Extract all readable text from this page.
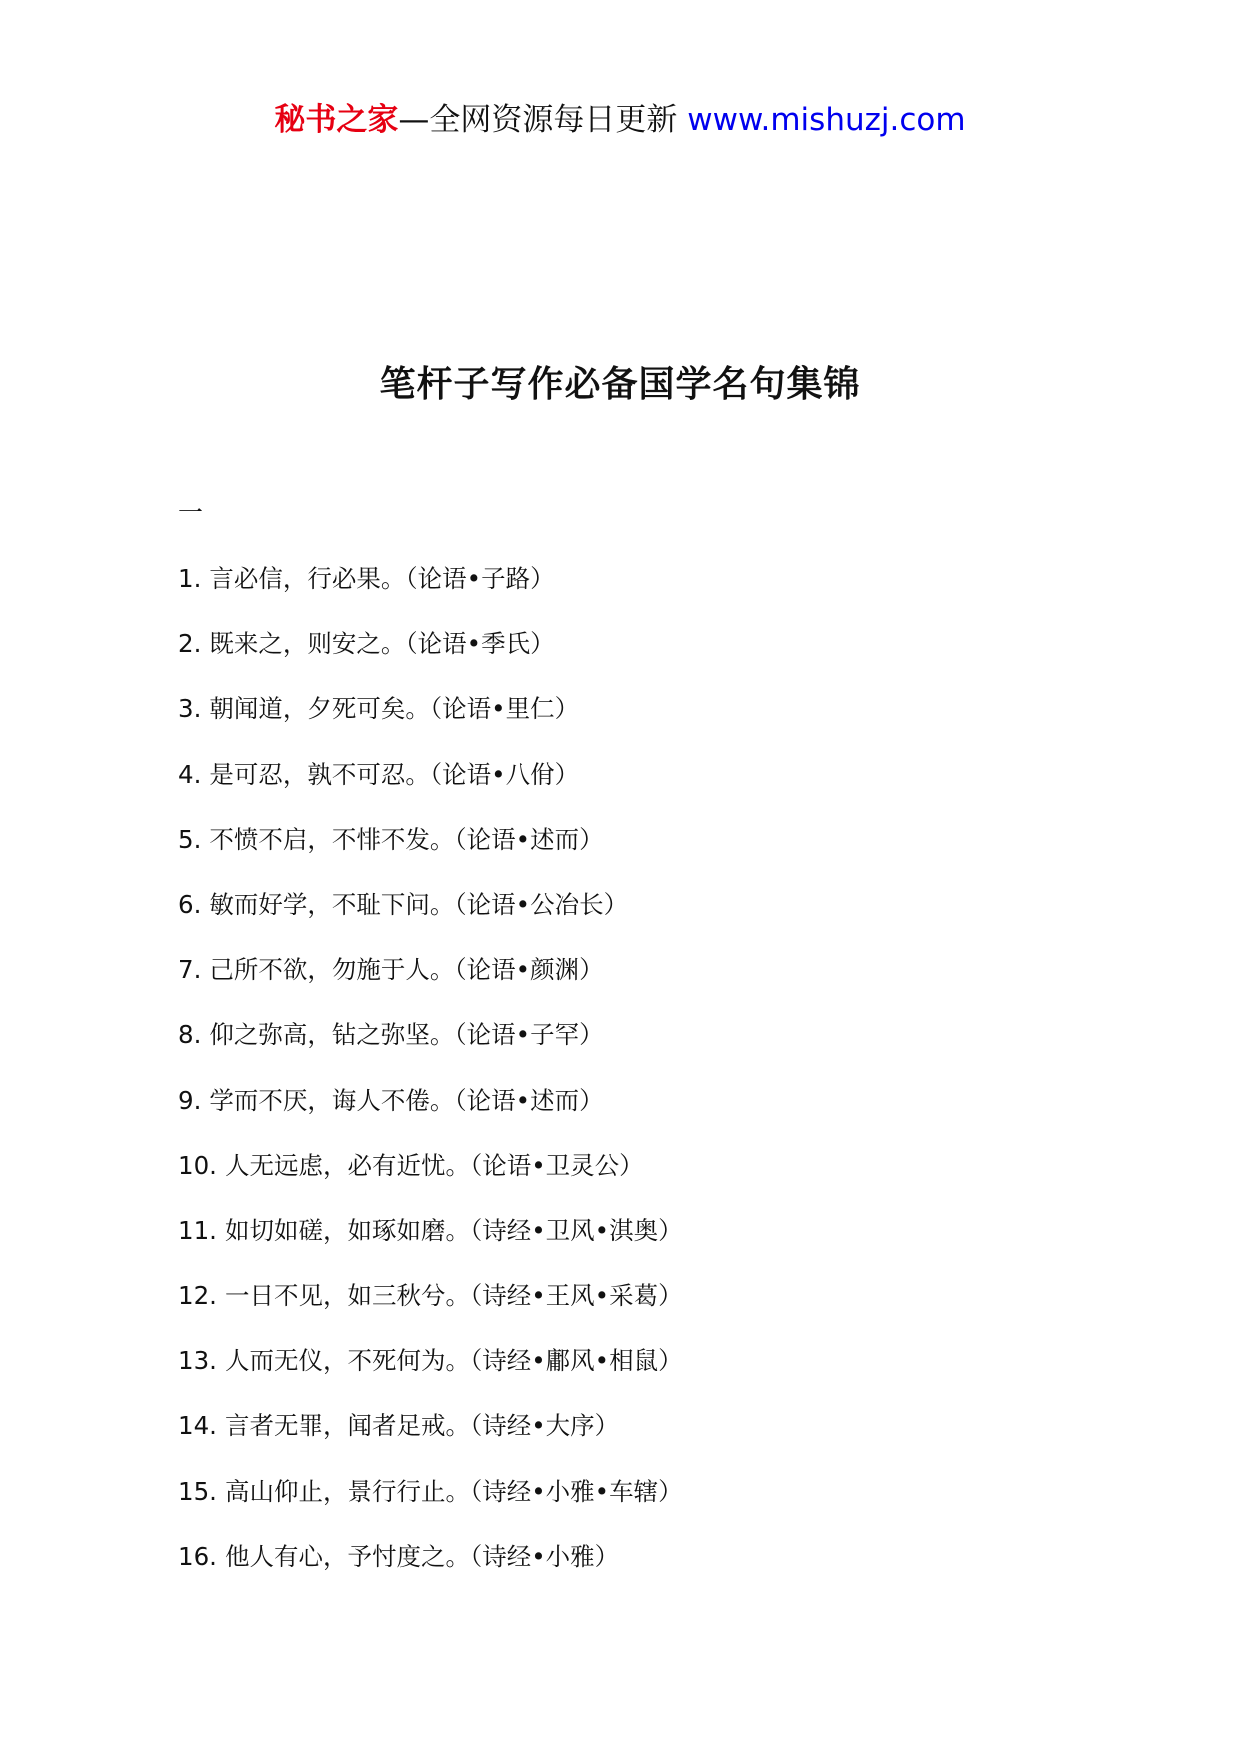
秘书之家—全网资源每日更新 www.mishuzj.com
笔杆子写作必备国学名句集锦
一
1. 言必信，行必果。（论语•子路）
2. 既来之，则安之。（论语•季氏）
3. 朝闻道，夕死可矣。（论语•里仁）
4. 是可忍，孰不可忍。（论语•八佾）
5. 不愤不启，不悱不发。（论语•述而）
6. 敏而好学，不耻下问。（论语•公冶长）
7. 己所不欲，勿施于人。（论语•颜渊）
8. 仰之弥高，钻之弥坚。（论语•子罕）
9. 学而不厌，诲人不倦。（论语•述而）
10. 人无远虑，必有近忧。（论语•卫灵公）
11. 如切如磋，如琢如磨。（诗经•卫风•淇奥）
12. 一日不见，如三秋兮。（诗经•王风•采葛）
13. 人而无仪，不死何为。（诗经•鄘风•相鼠）
14. 言者无罪，闻者足戒。（诗经•大序）
15. 高山仰止，景行行止。（诗经•小雅•车辖）
16. 他人有心，予忖度之。（诗经•小雅）
